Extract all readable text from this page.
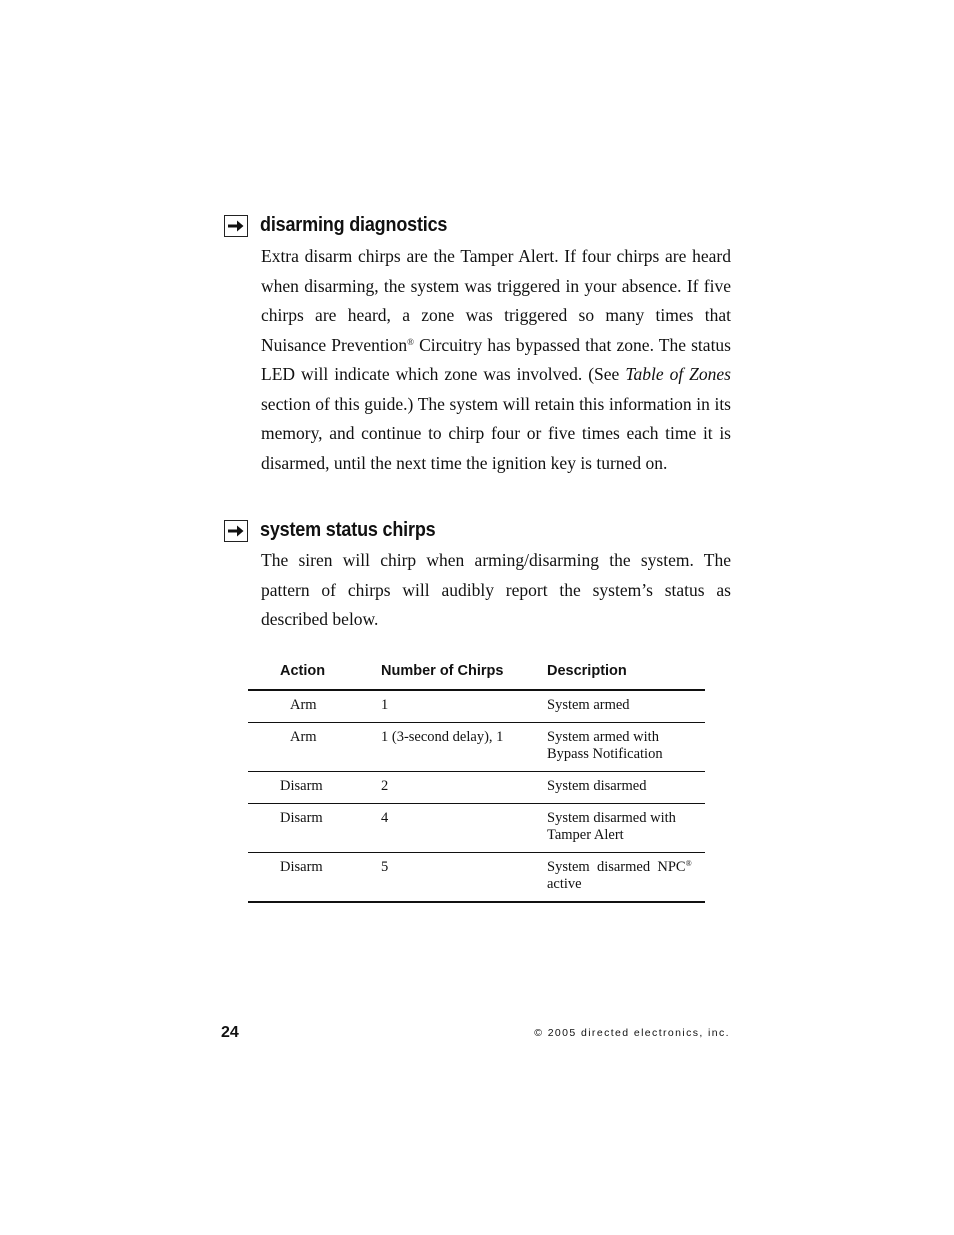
disarming diagnostics

Extra disarm chirps are the Tamper Alert. If four chirps are heard when disarming, the system was triggered in your absence. If five chirps are heard, a zone was triggered so many times that Nuisance Prevention® Circuitry has bypassed that zone. The status LED will indicate which zone was involved. (See Table of Zones section of this guide.) The system will retain this information in its memory, and continue to chirp four or five times each time it is disarmed, until the next time the ignition key is turned on.

system status chirps

The siren will chirp when arming/disarming the system. The pattern of chirps will audibly report the system’s status as described below.

Action	Number of Chirps	Description
Arm	1	System armed
Arm	1 (3-second delay), 1	System armed with
Bypass Notification
Disarm	2	System disarmed
Disarm	4	System disarmed with
Tamper Alert
Disarm	5	System  disarmed  NPC®
active
24	© 2005 directed electronics, inc.
